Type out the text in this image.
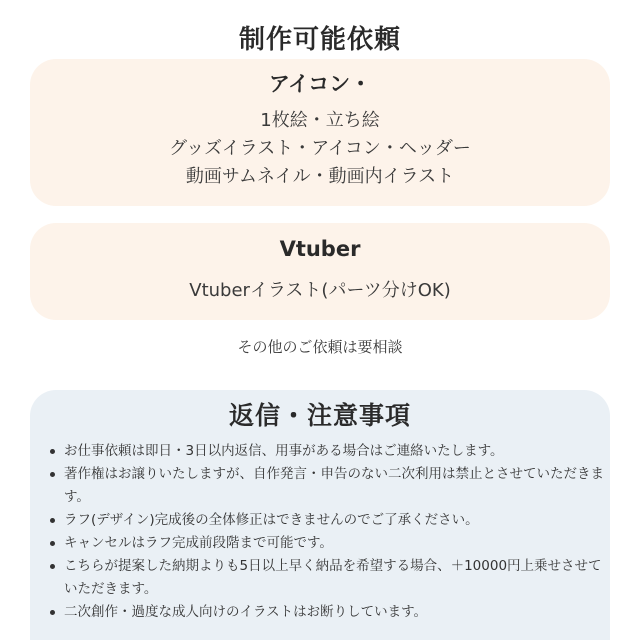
制作可能依頼
アイコン・
1枚絵・立ち絵
グッズイラスト・アイコン・ヘッダー
動画サムネイル・動画内イラスト
Vtuber
Vtuberイラスト(パーツ分けOK)
その他のご依頼は要相談
返信・注意事項
お仕事依頼は即日・3日以内返信、用事がある場合はご連絡いたします。
著作権はお譲りいたしますが、自作発言・申告のない二次利用は禁止とさせていただきます。
ラフ(デザイン)完成後の全体修正はできませんのでご了承ください。
キャンセルはラフ完成前段階まで可能です。
こちらが提案した納期よりも5日以上早く納品を希望する場合、＋10000円上乗せさせていただきます。
二次創作・過度な成人向けのイラストはお断りしています。
